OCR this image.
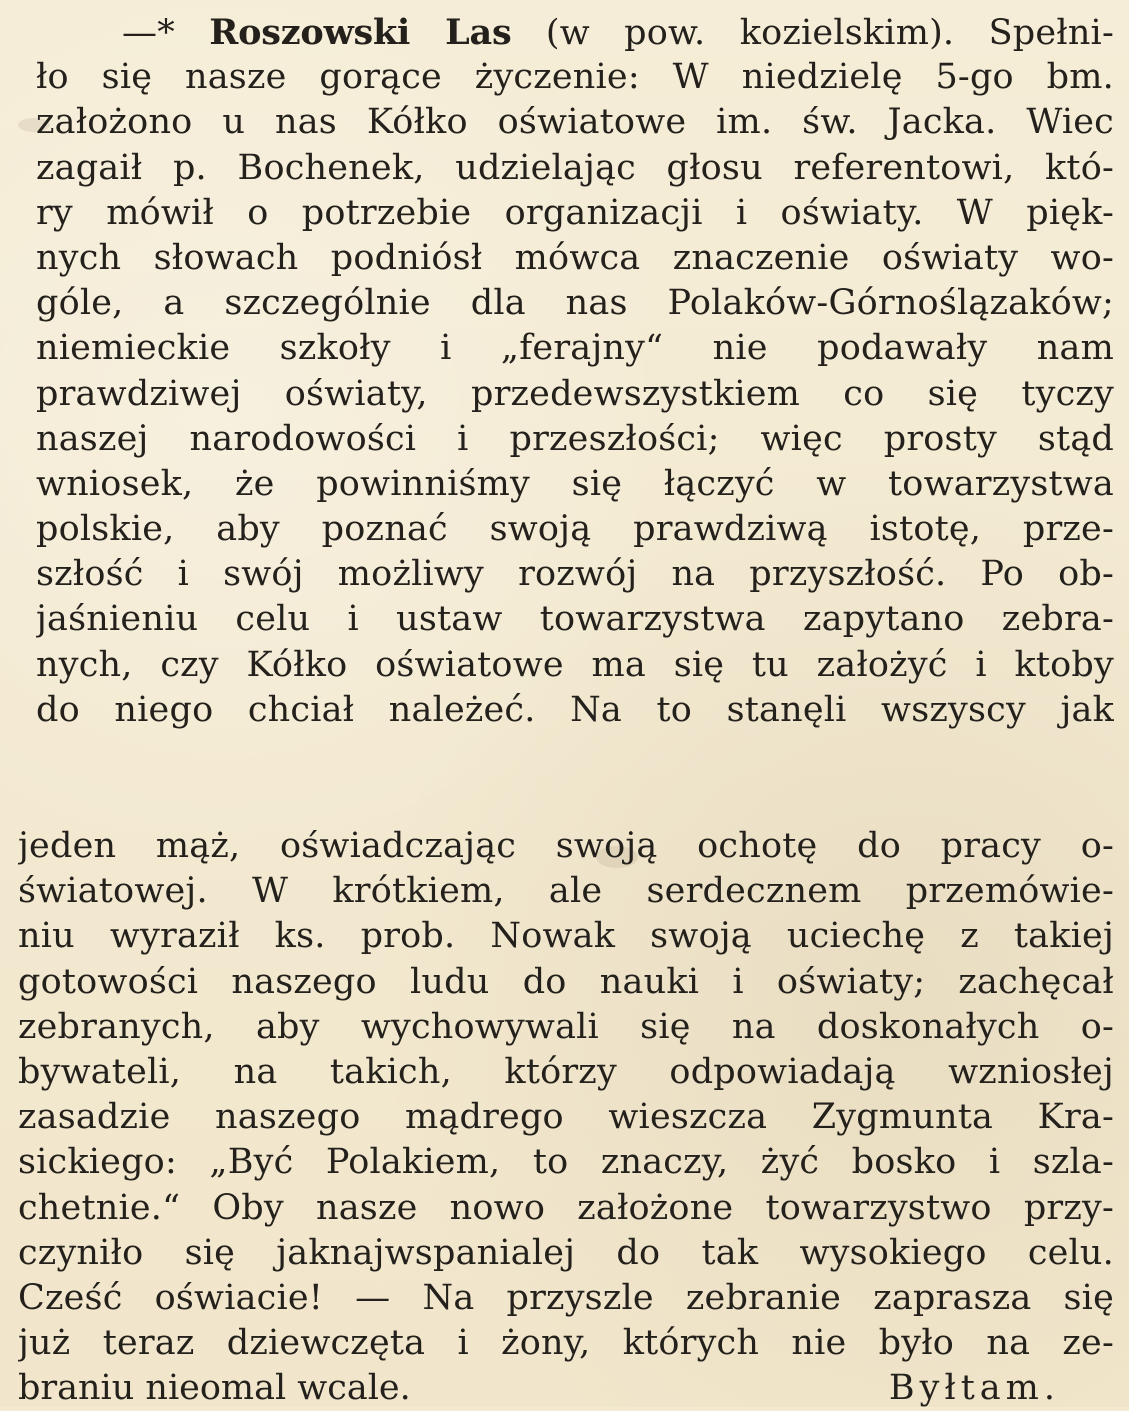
—* Roszowski Las (w pow. kozielskim). Spełni-
ło się nasze gorące życzenie: W niedzielę 5-go bm.
założono u nas Kółko oświatowe im. św. Jacka. Wiec
zagaił p. Bochenek, udzielając głosu referentowi, któ-
ry mówił o potrzebie organizacji i oświaty. W pięk-
nych słowach podniósł mówca znaczenie oświaty wo-
góle, a szczególnie dla nas Polaków-Górnoślązaków;
niemieckie szkoły i „ferajny“ nie podawały nam
prawdziwej oświaty, przedewszystkiem co się tyczy
naszej narodowości i przeszłości; więc prosty stąd
wniosek, że powinniśmy się łączyć w towarzystwa
polskie, aby poznać swoją prawdziwą istotę, prze-
szłość i swój możliwy rozwój na przyszłość. Po ob-
jaśnieniu celu i ustaw towarzystwa zapytano zebra-
nych, czy Kółko oświatowe ma się tu założyć i ktoby
do niego chciał należeć. Na to stanęli wszyscy jak
jeden mąż, oświadczając swoją ochotę do pracy o-
światowej. W krótkiem, ale serdecznem przemówie-
niu wyraził ks. prob. Nowak swoją uciechę z takiej
gotowości naszego ludu do nauki i oświaty; zachęcał
zebranych, aby wychowywali się na doskonałych o-
bywateli, na takich, którzy odpowiadają wzniosłej
zasadzie naszego mądrego wieszcza Zygmunta Kra-
sickiego: „Być Polakiem, to znaczy, żyć bosko i szla-
chetnie.“ Oby nasze nowo założone towarzystwo przy-
czyniło się jaknajwspanialej do tak wysokiego celu.
Cześć oświacie! — Na przyszle zebranie zaprasza się
już teraz dziewczęta i żony, których nie było na ze-
braniu nieomal wcale.	Byłtam.
